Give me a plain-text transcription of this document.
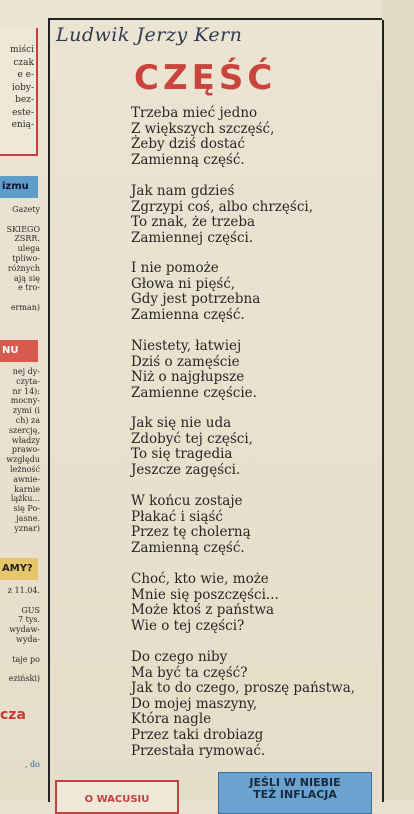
miści
czak
e e-
ioby-
bez-
este-
enią-

izmu
Gazety

SKIEGO
ZSRR.
ulega
tpliwo-
różnych
ają się
e tro-

erman)
NU
nej dy-
czyta-
nr 14):
mocny-
zymi (i
ch) za
szercję,
władzy
prawo-
względu
leżność
awnie-
karnie
lążku...
się Po-
jasne.
yznar)
AMY?
z 11.04.

GUS
7 tys.
wydaw-
wyda-

taje po

eziński)
cza
, do
Ludwik Jerzy Kern
CZĘŚĆ
Trzeba mieć jedno
Z większych szczęść,
Żeby dziś dostać
Zamienną część.
Jak nam gdzieś
Zgrzypi coś, albo chrzęści,
To znak, że trzeba
Zamiennej części.
I nie pomoże
Głowa ni pięść,
Gdy jest potrzebna
Zamienna część.
Niestety, łatwiej
Dziś o zamęście
Niż o najgłupsze
Zamienne częście.
Jak się nie uda
Zdobyć tej części,
To się tragedia
Jeszcze zagęści.
W końcu zostaje
Płakać i siąść
Przez tę cholerną
Zamienną część.
Choć, kto wie, może
Mnie się poszczęści...
Może ktoś z państwa
Wie o tej części?
Do czego niby
Ma być ta część?
Jak to do czego, proszę państwa,
Do mojej maszyny,
Która nagle
Przez taki drobiazg
Przestała rymować.
O WACUSIU
JEŚLI W NIEBIE
TEŻ INFLACJA
